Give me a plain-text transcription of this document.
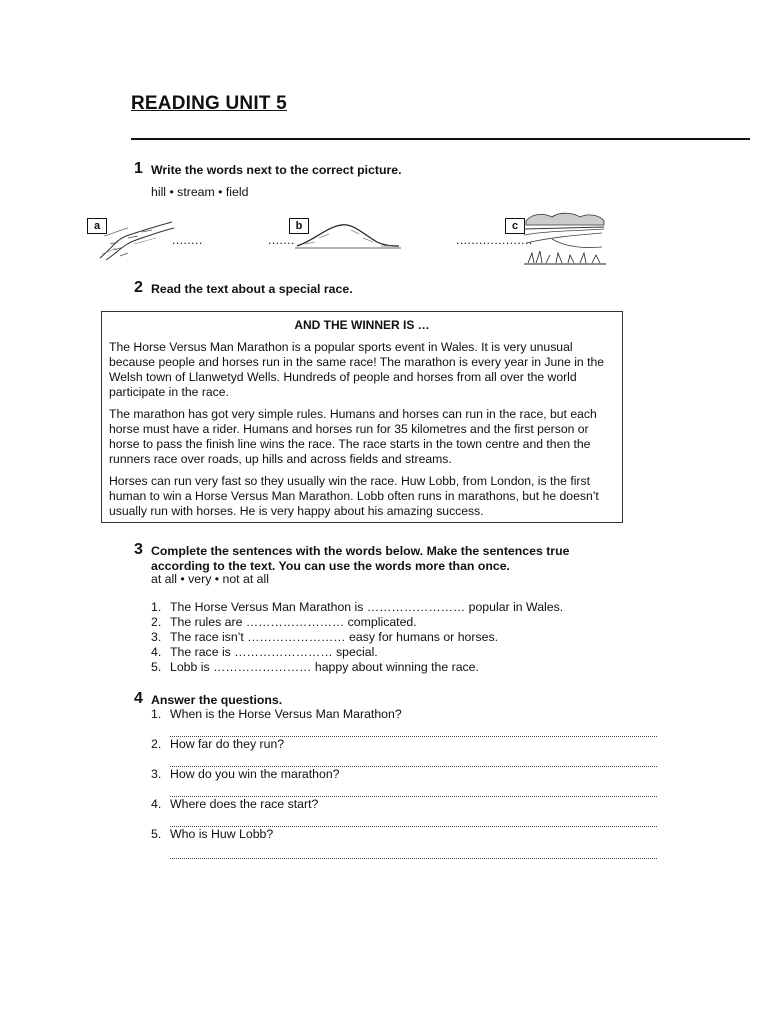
READING UNIT 5
1 Write the words next to the correct picture.
hill • stream • field
a
........
b
.......
c
....................
2 Read the text about a special race.
AND THE WINNER IS …

The Horse Versus Man Marathon is a popular sports event in Wales. It is very unusual because people and horses run in the same race! The marathon is every year in June in the Welsh town of Llanwetyd Wells. Hundreds of people and horses from all over the world participate in the race.

The marathon has got very simple rules. Humans and horses can run in the race, but each horse must have a rider. Humans and horses run for 35 kilometres and the first person or horse to pass the finish line wins the race. The race starts in the town centre and then the runners race over roads, up hills and across fields and streams.

Horses can run very fast so they usually win the race. Huw Lobb, from London, is the first human to win a Horse Versus Man Marathon. Lobb often runs in marathons, but he doesn’t usually run with horses. He is very happy about his amazing success.

3 Complete the sentences with the words below. Make the sentences true
according to the text. You can use the words more than once.
at all • very • not at all
1. The Horse Versus Man Marathon is …………………… popular in Wales.
2. The rules are …………………… complicated.
3. The race isn’t …………………… easy for humans or horses.
4. The race is …………………… special.
5. Lobb is …………………… happy about winning the race.
4 Answer the questions.
1. When is the Horse Versus Man Marathon?
2. How far do they run?
3. How do you win the marathon?
4. Where does the race start?
5. Who is Huw Lobb?
